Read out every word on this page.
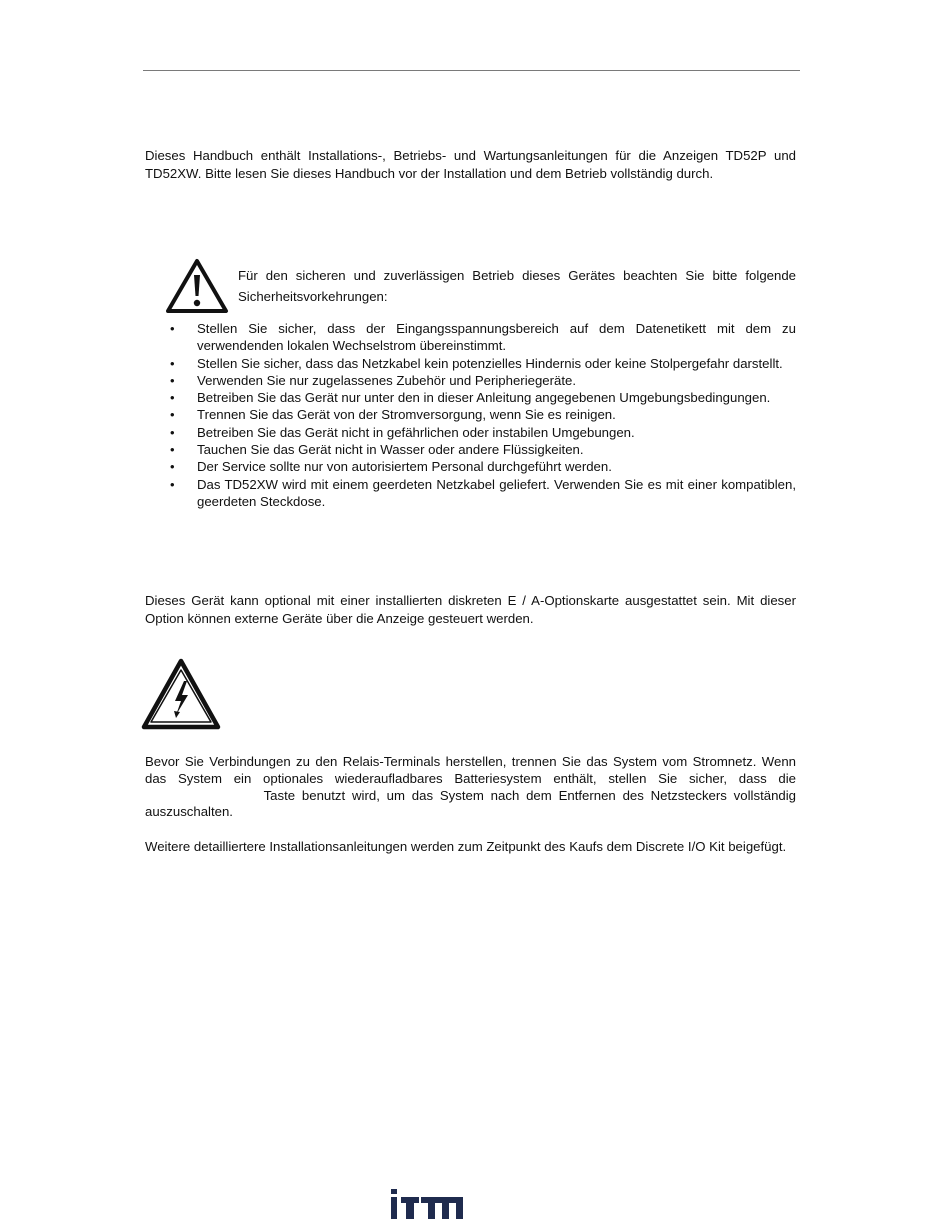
Dieses Handbuch enthält Installations-, Betriebs- und Wartungsanleitungen für die Anzeigen TD52P und TD52XW. Bitte lesen Sie dieses Handbuch vor der Installation und dem Betrieb vollständig durch.

Für den sicheren und zuverlässigen Betrieb dieses Gerätes beachten Sie bitte folgende Sicherheitsvorkehrungen:

•	Stellen Sie sicher, dass der Eingangsspannungsbereich auf dem Datenetikett mit dem zu verwendenden lokalen Wechselstrom übereinstimmt.
•	Stellen Sie sicher, dass das Netzkabel kein potenzielles Hindernis oder keine Stolpergefahr darstellt.
•	Verwenden Sie nur zugelassenes Zubehör und Peripheriegeräte.
•	Betreiben Sie das Gerät nur unter den in dieser Anleitung angegebenen Umgebungsbedingungen.
•	Trennen Sie das Gerät von der Stromversorgung, wenn Sie es reinigen.
•	Betreiben Sie das Gerät nicht in gefährlichen oder instabilen Umgebungen.
•	Tauchen Sie das Gerät nicht in Wasser oder andere Flüssigkeiten.
•	Der Service sollte nur von autorisiertem Personal durchgeführt werden.
•	Das TD52XW wird mit einem geerdeten Netzkabel geliefert. Verwenden Sie es mit einer kompatiblen, geerdeten Steckdose.

Dieses Gerät kann optional mit einer installierten diskreten E / A-Optionskarte ausgestattet sein. Mit dieser Option können externe Geräte über die Anzeige gesteuert werden.

Bevor Sie Verbindungen zu den Relais-Terminals herstellen, trennen Sie das System vom Stromnetz. Wenn das System ein optionales wiederaufladbares Batteriesystem enthält, stellen Sie sicher, dass die  Taste benutzt wird, um das System nach dem Entfernen des Netzsteckers vollständig auszuschalten.

Weitere detailliertere Installationsanleitungen werden zum Zeitpunkt des Kaufs dem Discrete I/O Kit beigefügt.
